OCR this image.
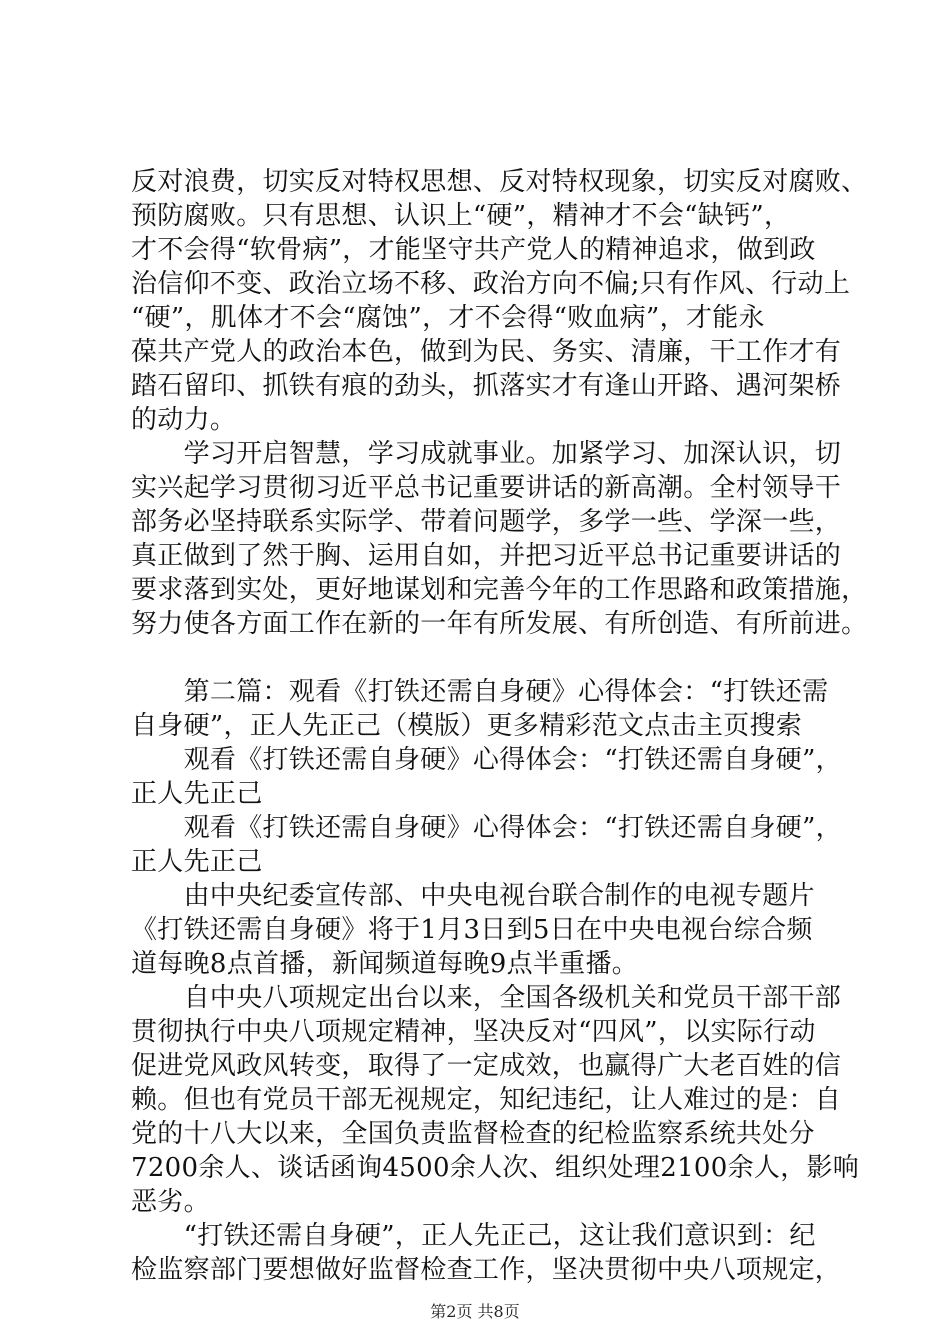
反对浪费，切实反对特权思想、反对特权现象，切实反对腐败、
预防腐败。只有思想、认识上“硬”，精神才不会“缺钙”，
才不会得“软骨病”，才能坚守共产党人的精神追求，做到政
治信仰不变、政治立场不移、政治方向不偏;只有作风、行动上
“硬”，肌体才不会“腐蚀”，才不会得“败血病”，才能永
葆共产党人的政治本色，做到为民、务实、清廉，干工作才有
踏石留印、抓铁有痕的劲头，抓落实才有逢山开路、遇河架桥
的动力。
　　学习开启智慧，学习成就事业。加紧学习、加深认识，切
实兴起学习贯彻习近平总书记重要讲话的新高潮。全村领导干
部务必坚持联系实际学、带着问题学，多学一些、学深一些，
真正做到了然于胸、运用自如，并把习近平总书记重要讲话的
要求落到实处，更好地谋划和完善今年的工作思路和政策措施，
努力使各方面工作在新的一年有所发展、有所创造、有所前进。
　　第二篇：观看《打铁还需自身硬》心得体会：“打铁还需
自身硬”，正人先正己（模版）更多精彩范文点击主页搜索
　　观看《打铁还需自身硬》心得体会：“打铁还需自身硬”，
正人先正己
　　观看《打铁还需自身硬》心得体会：“打铁还需自身硬”，
正人先正己
　　由中央纪委宣传部、中央电视台联合制作的电视专题片
《打铁还需自身硬》将于1月3日到5日在中央电视台综合频
道每晚8点首播，新闻频道每晚9点半重播。
　　自中央八项规定出台以来，全国各级机关和党员干部干部
贯彻执行中央八项规定精神，坚决反对“四风”，以实际行动
促进党风政风转变，取得了一定成效，也赢得广大老百姓的信
赖。但也有党员干部无视规定，知纪违纪，让人难过的是：自
党的十八大以来，全国负责监督检查的纪检监察系统共处分
7200余人、谈话函询4500余人次、组织处理2100余人，影响
恶劣。
　　“打铁还需自身硬”，正人先正己，这让我们意识到：纪
检监察部门要想做好监督检查工作，坚决贯彻中央八项规定，
第2页 共8页
